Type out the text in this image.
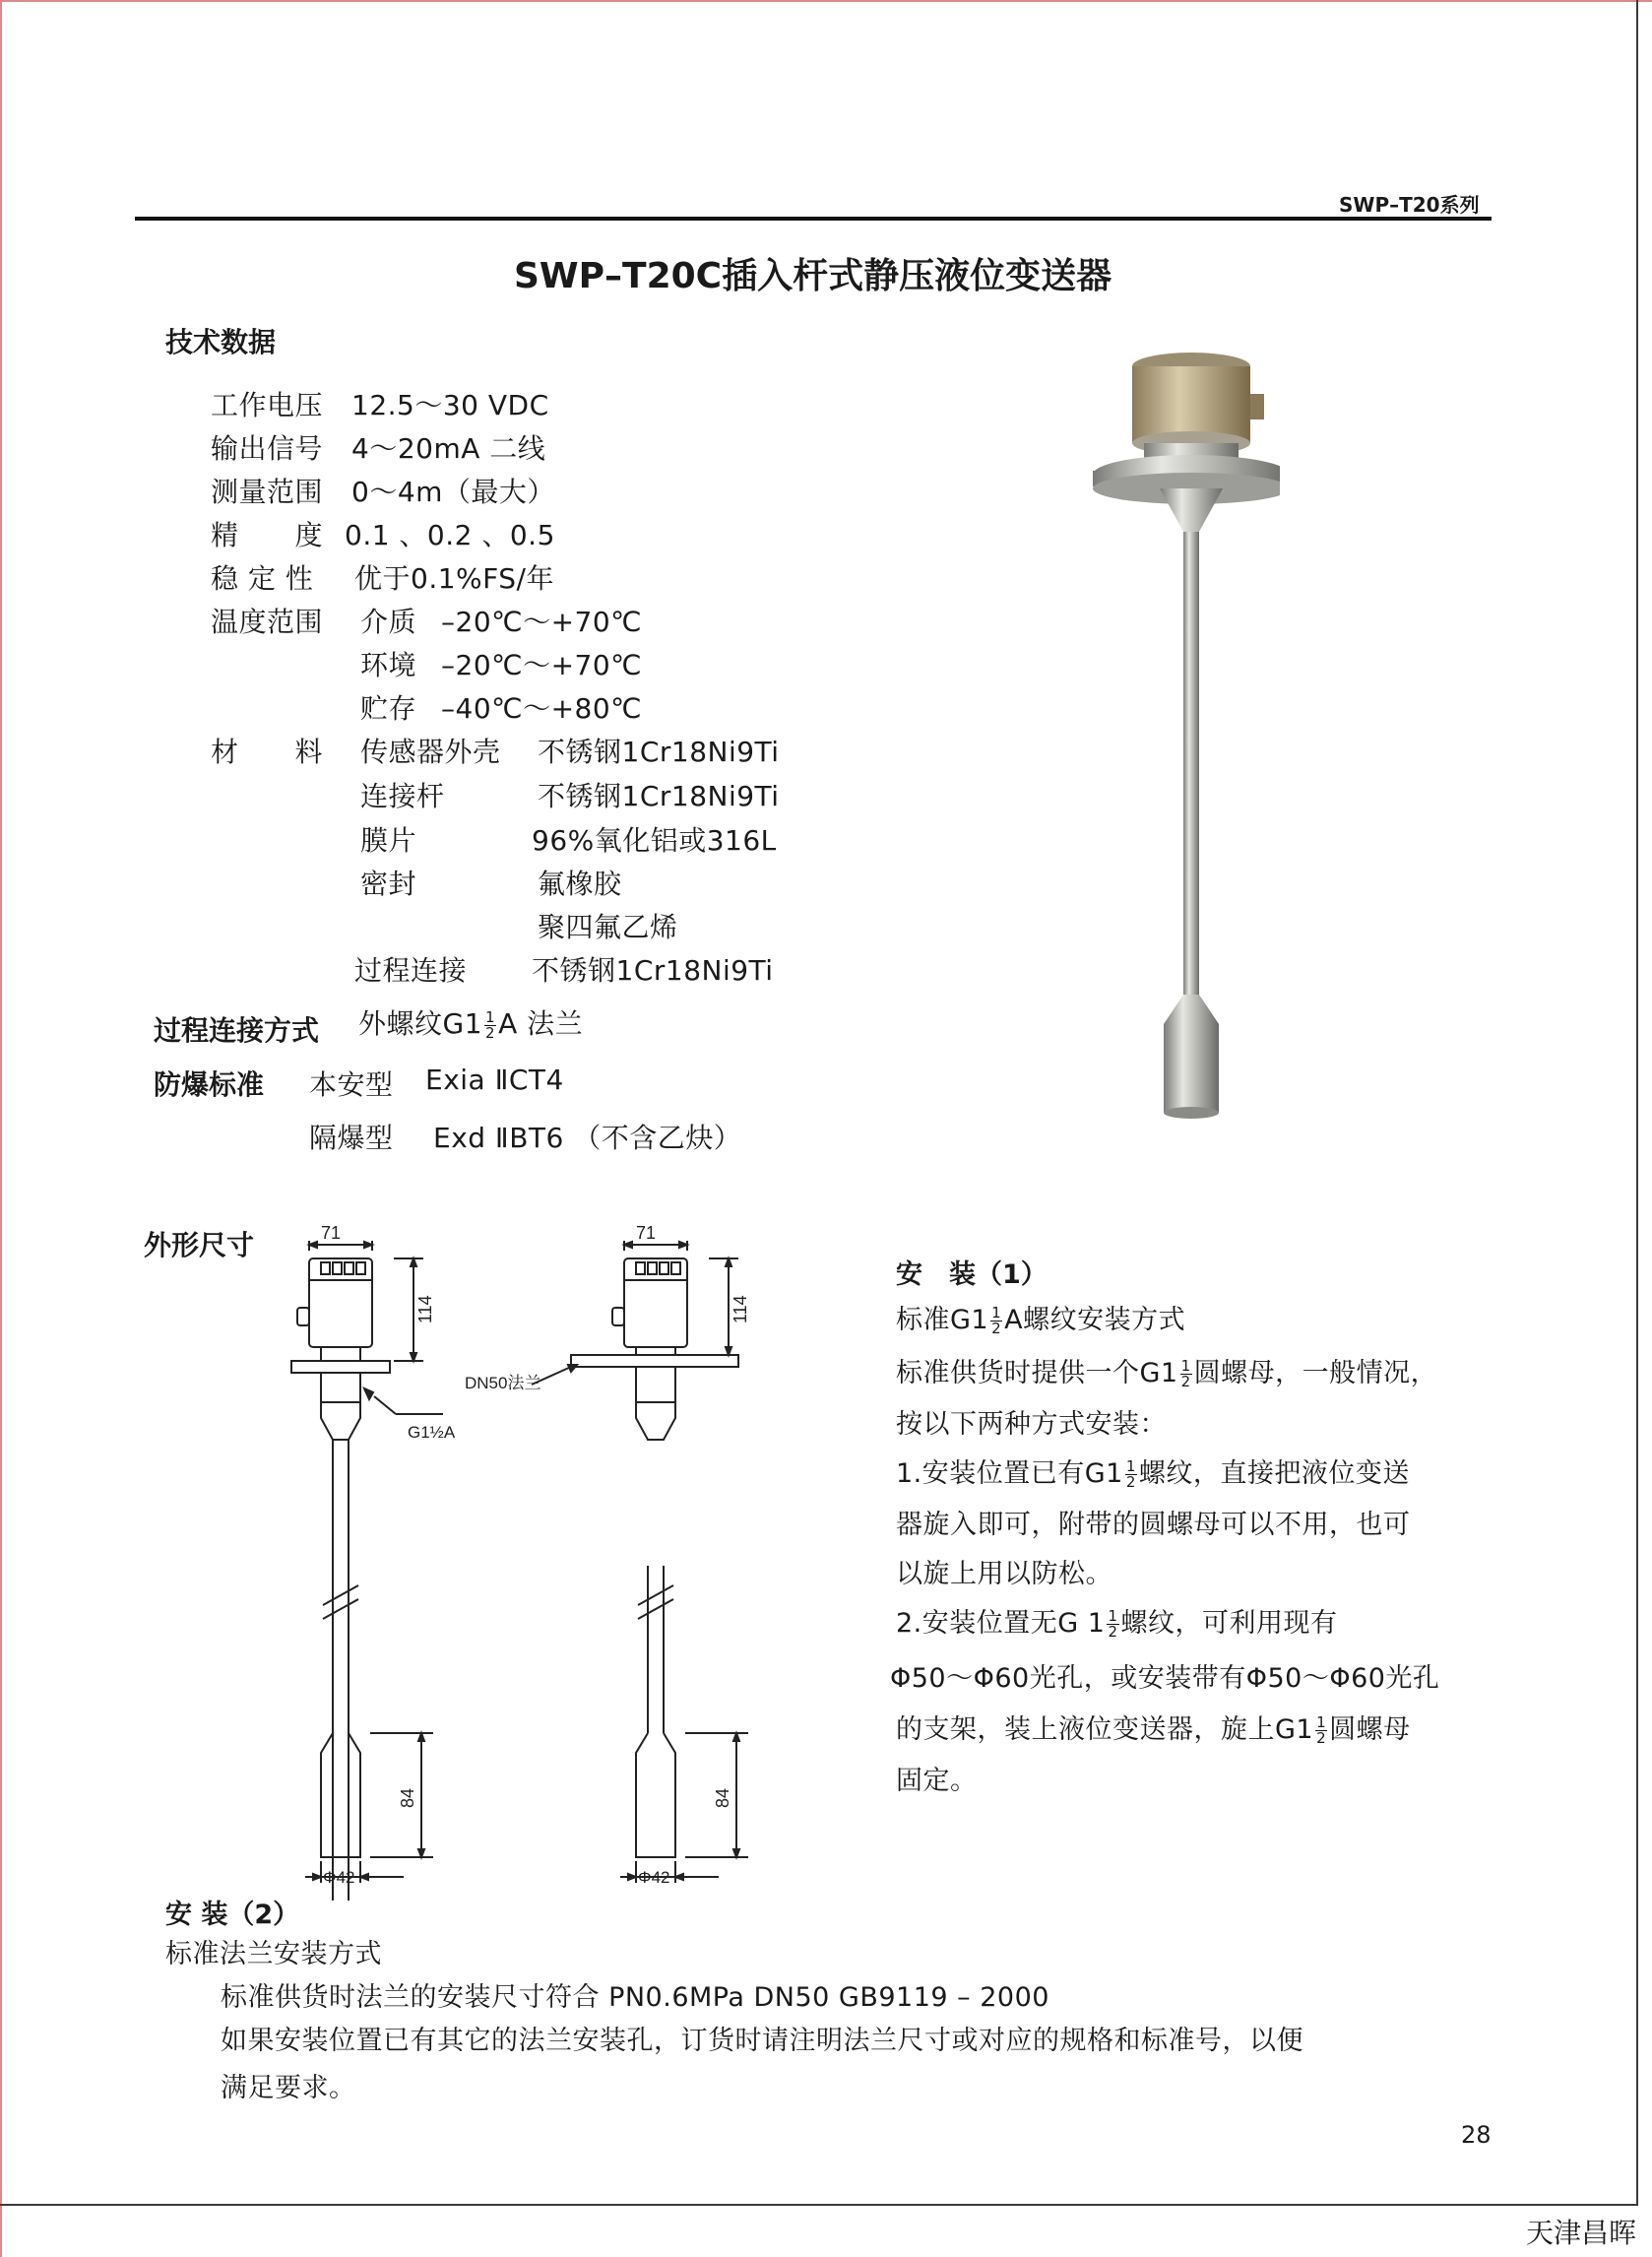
SWP–T20系列
SWP–T20C插入杆式静压液位变送器
技术数据
工作电压 12.5～30 VDC
输出信号 4～20mA 二线
测量范围 0～4m（最大）
精　　度 0.1 、0.2 、0.5
稳 定 性 优于0.1%FS/年
温度范围 介质 –20℃～+70℃
环境 –20℃～+70℃
贮存 –40℃～+80℃
材　　料 传感器外壳 不锈钢1Cr18Ni9Ti
连接杆	不锈钢1Cr18Ni9Ti
膜片	96%氧化铝或316L
密封	氟橡胶
聚四氟乙烯
过程连接 不锈钢1Cr18Ni9Ti
过程连接方式 外螺纹$G1 \frac{1}{2}$ A 法兰
防爆标准 本安型 Exia ⅡCT4
隔爆型 Exd ⅡBT6 （不含乙炔）
外形尺寸	71	71
114	114
G1½A
DN50法兰
84	84
Φ42	Φ42
安　装（1）
标准$G1 \frac{1}{2}$ A螺纹安装方式
标准供货时提供一个$G1 \frac{1}{2}$ 圆螺母，一般情况，
按以下两种方式安装：
1.安装位置已有$G1 \frac{1}{2}$ 螺纹，直接把液位变送
器旋入即可，附带的圆螺母可以不用，也可
以旋上用以防松。
2.安装位置无G $1 \frac{1}{2}$ 螺纹，可利用现有
Φ50～Φ60光孔，或安装带有Φ50～Φ60光孔
的支架，装上液位变送器，旋上$G1 \frac{1}{2}$ 圆螺母
固定。
安 装（2）
标准法兰安装方式
标准供货时法兰的安装尺寸符合 PN0.6MPa DN50 GB9119 – 2000
如果安装位置已有其它的法兰安装孔，订货时请注明法兰尺寸或对应的规格和标准号，以便
满足要求。
28
天津昌晖
